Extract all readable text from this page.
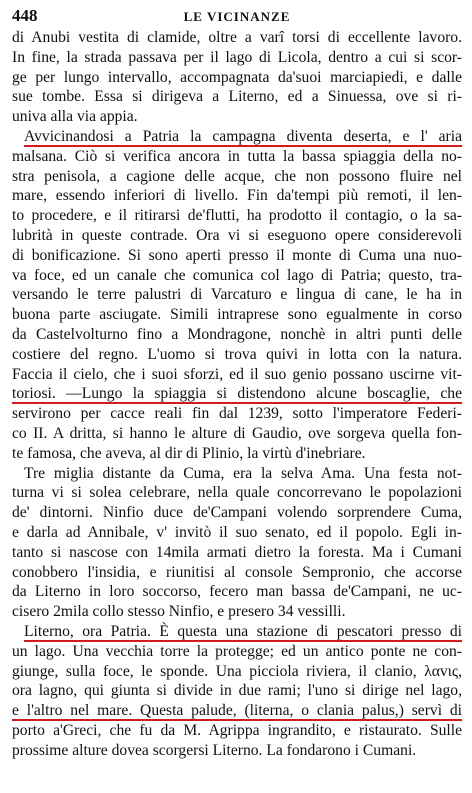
448	LE VICINANZE
di Anubi vestita di clamide, oltre a varî torsi di eccellente lavoro.
In fine, la strada passava per il lago di Licola, dentro a cui si scor-
ge per lungo intervallo, accompagnata da'suoi marciapiedi, e dalle
sue tombe. Essa si dirigeva a Literno, ed a Sinuessa, ove si ri-
univa alla via appia.
Avvicinandosi a Patria la campagna diventa deserta, e l' aria
malsana. Ciò si verifica ancora in tutta la bassa spiaggia della no-
stra penisola, a cagione delle acque, che non possono fluire nel
mare, essendo inferiori di livello. Fin da'tempi più remoti, il len-
to procedere, e il ritirarsi de'flutti, ha prodotto il contagio, o la sa-
lubrità in queste contrade. Ora vi si eseguono opere considerevoli
di bonificazione. Si sono aperti presso il monte di Cuma una nuo-
va foce, ed un canale che comunica col lago di Patria; questo, tra-
versando le terre palustri di Varcaturo e lingua di cane, le ha in
buona parte asciugate. Simili intraprese sono egualmente in corso
da Castelvolturno fino a Mondragone, nonchè in altri punti delle
costiere del regno. L'uomo si trova quivi in lotta con la natura.
Faccia il cielo, che i suoi sforzi, ed il suo genio possano uscirne vit-
toriosi. —Lungo la spiaggia si distendono alcune boscaglie, che
servirono per cacce reali fin dal 1239, sotto l'imperatore Federi-
co II. A dritta, si hanno le alture di Gaudio, ove sorgeva quella fon-
te famosa, che aveva, al dir di Plinio, la virtù d'inebriare.
Tre miglia distante da Cuma, era la selva Ama. Una festa not-
turna vi si solea celebrare, nella quale concorrevano le popolazioni
de' dintorni. Ninfio duce de'Campani volendo sorprendere Cuma,
e darla ad Annibale, v' invitò il suo senato, ed il popolo. Egli in-
tanto si nascose con 14mila armati dietro la foresta. Ma i Cumani
conobbero l'insidia, e riunitisi al console Sempronio, che accorse
da Literno in loro soccorso, fecero man bassa de'Campani, ne uc-
cisero 2mila collo stesso Ninfio, e presero 34 vessilli.
Literno, ora Patria. È questa una stazione di pescatori presso di
un lago. Una vecchia torre la protegge; ed un antico ponte ne con-
giunge, sulla foce, le sponde. Una picciola riviera, il clanio, λαvις,
ora lagno, qui giunta si divide in due rami; l'uno si dirige nel lago,
e l'altro nel mare. Questa palude, (literna, o clania palus,) servì di
porto a'Greci, che fu da M. Agrippa ingrandito, e ristaurato. Sulle
prossime alture dovea scorgersi Literno. La fondarono i Cumani.
